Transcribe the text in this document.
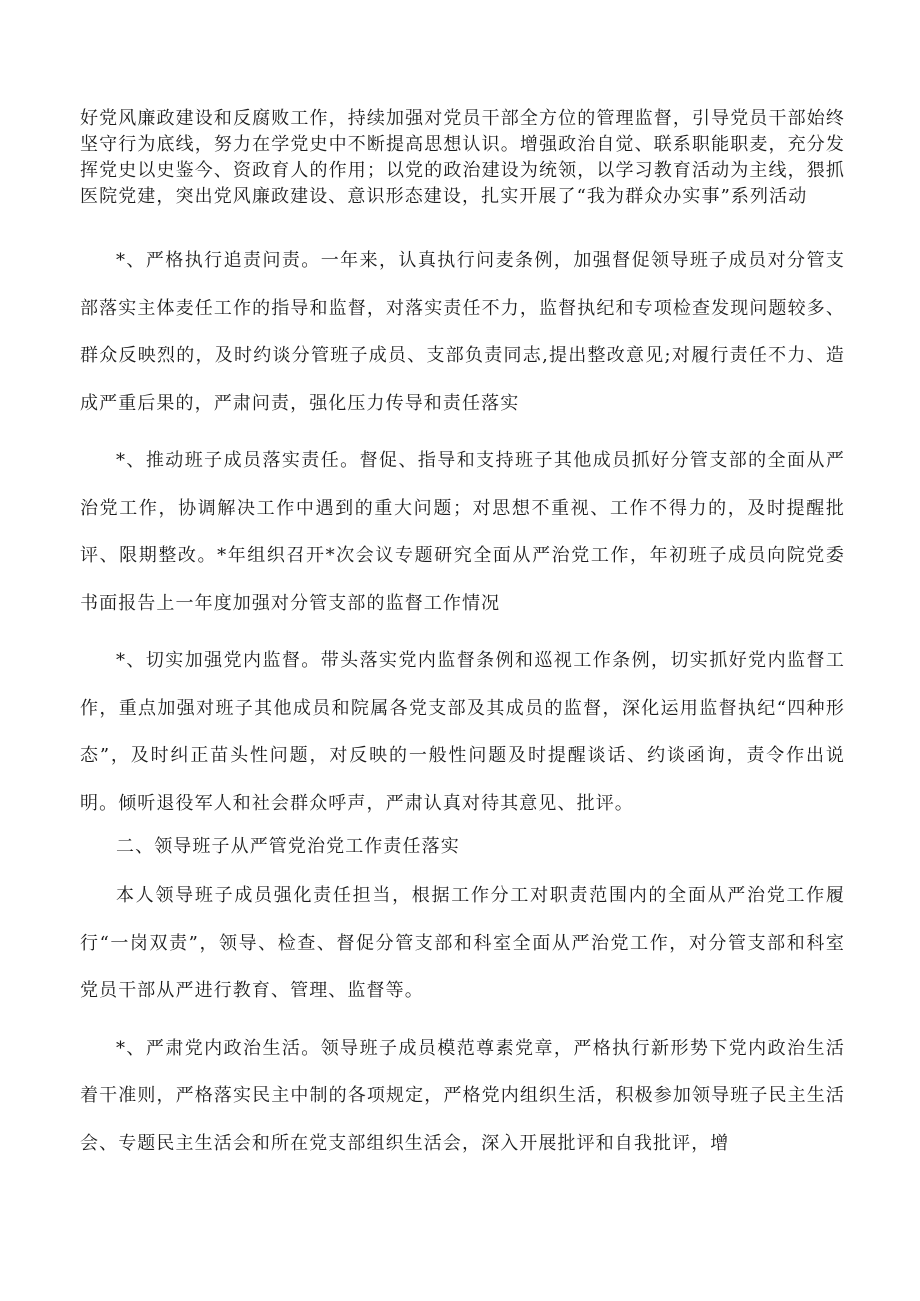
好党风廉政建设和反腐败工作，持续加强对党员干部全方位的管理监督，引导党员干部始终坚守行为底线，努力在学党史中不断提高思想认识。增强政治自觉、联系职能职麦，充分发挥党史以史鉴今、资政育人的作用；以党的政治建设为统领，以学习教育活动为主线，猥抓医院党建，突出党风廉政建设、意识形态建设，扎实开展了“我为群众办实事”系列活动

*、严格执行追责问责。一年来，认真执行问麦条例，加强督促领导班子成员对分管支部落实主体麦任工作的指导和监督，对落实责任不力，监督执纪和专项检查发现问题较多、群众反映烈的，及时约谈分管班子成员、支部负责同志,提出整改意见;对履行责任不力、造成严重后果的，严肃问责，强化压力传导和责任落实

*、推动班子成员落实责任。督促、指导和支持班子其他成员抓好分管支部的全面从严治党工作，协调解决工作中遇到的重大问题；对思想不重视、工作不得力的，及时提醒批评、限期整改。*年组织召开*次会议专题研究全面从严治党工作，年初班子成员向院党委书面报告上一年度加强对分管支部的监督工作情况

*、切实加强党内监督。带头落实党内监督条例和巡视工作条例，切实抓好党内监督工作，重点加强对班子其他成员和院属各党支部及其成员的监督，深化运用监督执纪“四种形态”，及时纠正苗头性问题，对反映的一般性问题及时提醒谈话、约谈函询，责令作出说明。倾听退役军人和社会群众呼声，严肃认真对待其意见、批评。

二、领导班子从严管党治党工作责任落实

本人领导班子成员强化责任担当，根据工作分工对职责范围内的全面从严治党工作履行“一岗双责”，领导、检查、督促分管支部和科室全面从严治党工作，对分管支部和科室党员干部从严进行教育、管理、监督等。

*、严肃党内政治生活。领导班子成员模范尊素党章，严格执行新形势下党内政治生活着干准则，严格落实民主中制的各项规定，严格党内组织生活，积极参加领导班子民主生活会、专题民主生活会和所在党支部组织生活会，深入开展批评和自我批评，增
